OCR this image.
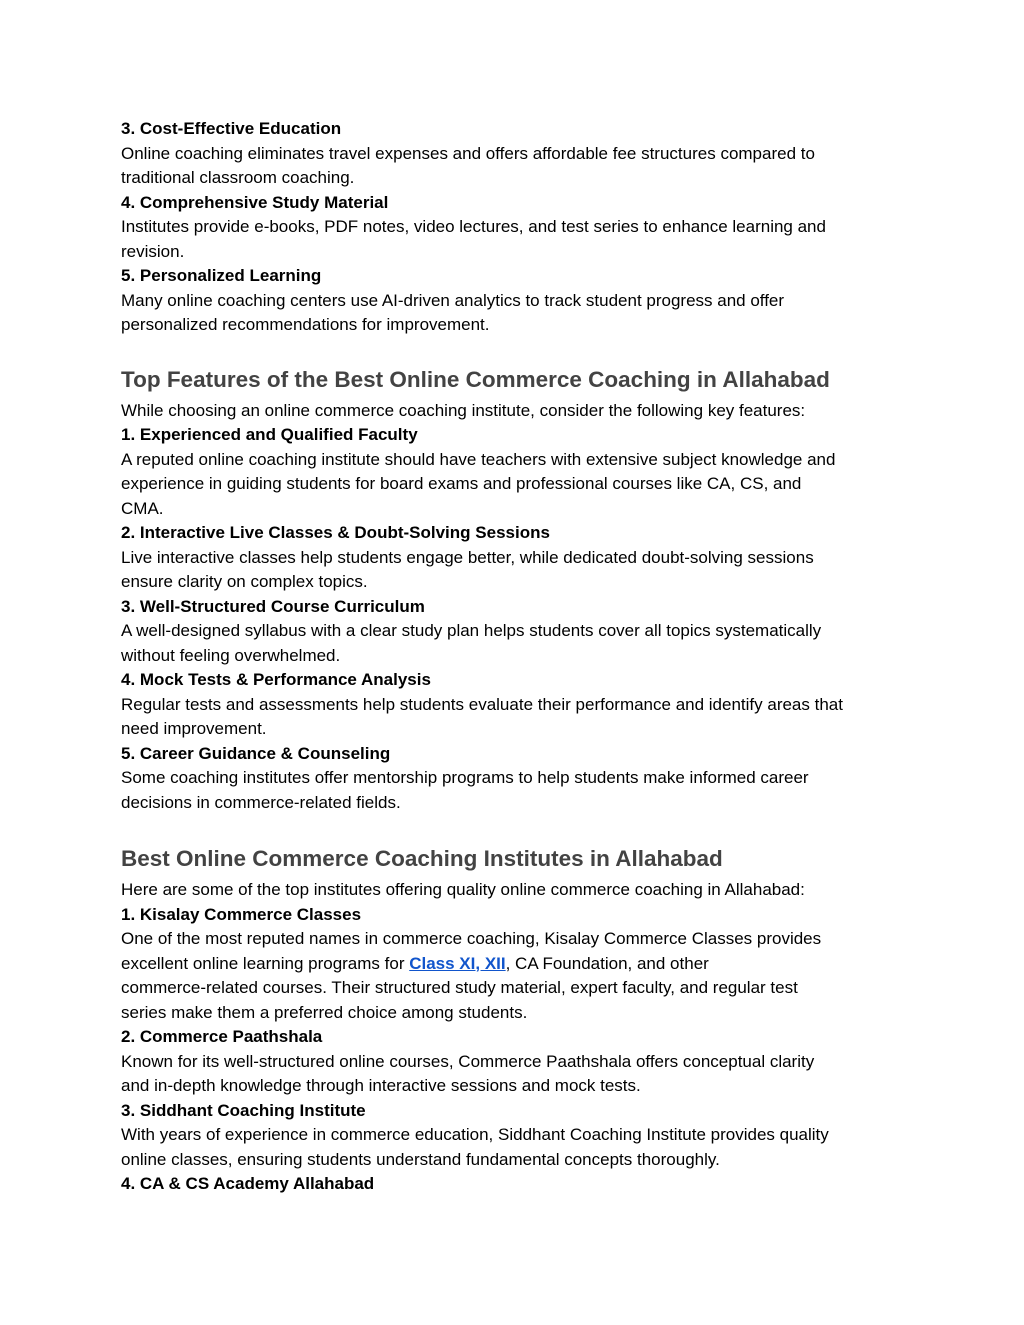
3. Cost-Effective Education

Online coaching eliminates travel expenses and offers affordable fee structures compared to
traditional classroom coaching.

4. Comprehensive Study Material

Institutes provide e-books, PDF notes, video lectures, and test series to enhance learning and
revision.

5. Personalized Learning

Many online coaching centers use AI-driven analytics to track student progress and offer
personalized recommendations for improvement.

Top Features of the Best Online Commerce Coaching in Allahabad

While choosing an online commerce coaching institute, consider the following key features:

1. Experienced and Qualified Faculty

A reputed online coaching institute should have teachers with extensive subject knowledge and
experience in guiding students for board exams and professional courses like CA, CS, and
CMA.

2. Interactive Live Classes & Doubt-Solving Sessions

Live interactive classes help students engage better, while dedicated doubt-solving sessions
ensure clarity on complex topics.

3. Well-Structured Course Curriculum

A well-designed syllabus with a clear study plan helps students cover all topics systematically
without feeling overwhelmed.

4. Mock Tests & Performance Analysis

Regular tests and assessments help students evaluate their performance and identify areas that
need improvement.

5. Career Guidance & Counseling

Some coaching institutes offer mentorship programs to help students make informed career
decisions in commerce-related fields.

Best Online Commerce Coaching Institutes in Allahabad

Here are some of the top institutes offering quality online commerce coaching in Allahabad:

1. Kisalay Commerce Classes

One of the most reputed names in commerce coaching, Kisalay Commerce Classes provides
excellent online learning programs for Class XI, XII, CA Foundation, and other
commerce-related courses. Their structured study material, expert faculty, and regular test
series make them a preferred choice among students.

2. Commerce Paathshala

Known for its well-structured online courses, Commerce Paathshala offers conceptual clarity
and in-depth knowledge through interactive sessions and mock tests.

3. Siddhant Coaching Institute

With years of experience in commerce education, Siddhant Coaching Institute provides quality
online classes, ensuring students understand fundamental concepts thoroughly.

4. CA & CS Academy Allahabad
